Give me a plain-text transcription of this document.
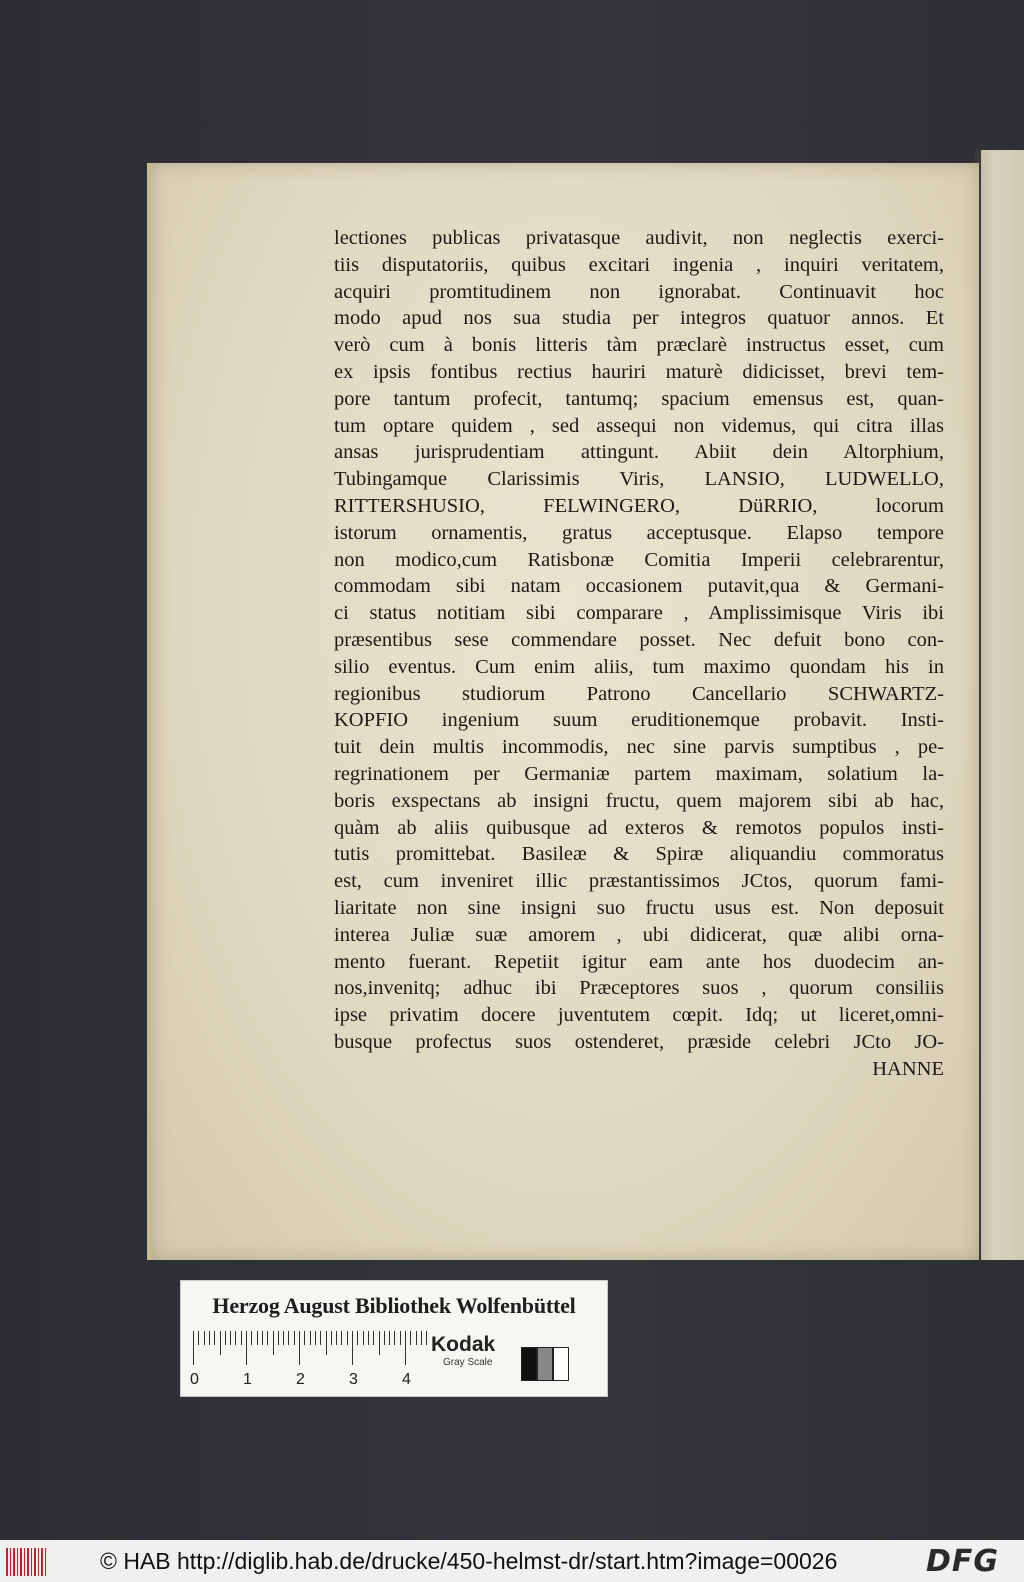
lectiones publicas privatasque audivit, non neglectis exerci-
tiis disputatoriis, quibus excitari ingenia , inquiri veritatem,
acquiri promtitudinem non ignorabat. Continuavit hoc
modo apud nos sua studia per integros quatuor annos. Et
verò cum à bonis litteris tàm præclarè instructus esset, cum
ex ipsis fontibus rectius hauriri maturè didicisset, brevi tem-
pore tantum profecit, tantumq; spacium emensus est, quan-
tum optare quidem , sed assequi non videmus, qui citra illas
ansas jurisprudentiam attingunt. Abiit dein Altorphium,
Tubingamque Clarissimis Viris, LANSIO, LUDWELLO,
RITTERSHUSIO, FELWINGERO, DüRRIO, locorum
istorum ornamentis, gratus acceptusque. Elapso tempore
non modico,cum Ratisbonæ Comitia Imperii celebrarentur,
commodam sibi natam occasionem putavit,qua & Germani-
ci status notitiam sibi comparare , Amplissimisque Viris ibi
præsentibus sese commendare posset. Nec defuit bono con-
silio eventus. Cum enim aliis, tum maximo quondam his in
regionibus studiorum Patrono Cancellario SCHWARTZ-
KOPFIO ingenium suum eruditionemque probavit. Insti-
tuit dein multis incommodis, nec sine parvis sumptibus , pe-
regrinationem per Germaniæ partem maximam, solatium la-
boris exspectans ab insigni fructu, quem majorem sibi ab hac,
quàm ab aliis quibusque ad exteros & remotos populos insti-
tutis promittebat. Basileæ & Spiræ aliquandiu commoratus
est, cum inveniret illic præstantissimos JCtos, quorum fami-
liaritate non sine insigni suo fructu usus est. Non deposuit
interea Juliæ suæ amorem , ubi didicerat, quæ alibi orna-
mento fuerant. Repetiit igitur eam ante hos duodecim an-
nos,invenitq; adhuc ibi Præceptores suos , quorum consiliis
ipse privatim docere juventutem cœpit. Idq; ut liceret,omni-
busque profectus suos ostenderet, præside celebri JCto JO-
HANNE
Herzog August Bibliothek Wolfenbüttel
0	1	2	3	4
Kodak
Gray Scale
© HAB http://diglib.hab.de/drucke/450-helmst-dr/start.htm?image=00026	DFG
